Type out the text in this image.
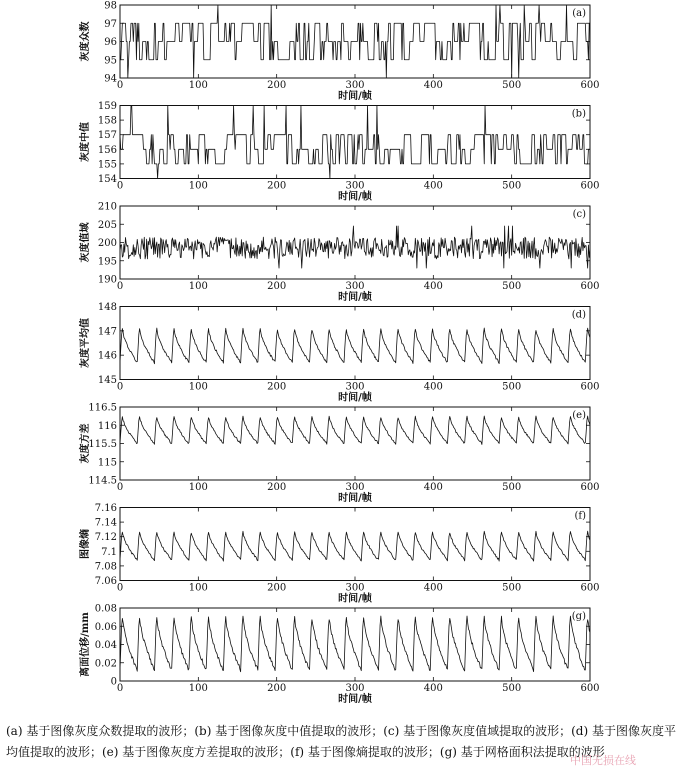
0	100	200	300	400	500	600
94
95
96
97
98
时间/帧
灰度众数
(a)
0	100	200	300	400	500	600
154
155
156
157
158
159
时间/帧
灰度中值
(b)
0	100	200	300	400	500	600
190
195
200
205
210
时间/帧
灰度值域
(c)
0	100	200	300	400	500	600
145
146
147
148
时间/帧
灰度平均值
(d)
0	100	200	300	400	500	600
114.5
115
115.5
116
116.5
时间/帧
灰度方差
(e)
0	100	200	300	400	500	600
7.06
7.08
7.1
7.12
7.14
7.16
时间/帧
图像熵
(f)
0	100	200	300	400	500	600
0
0.02
0.04
0.06
0.08
时间/帧
离面位移/mm	(g)
(a) 基于图像灰度众数提取的波形；(b) 基于图像灰度中值提取的波形；(c) 基于图像灰度值域提取的波形；(d) 基于图像灰度平均值提取的波形；(e) 基于图像灰度方差提取的波形；(f) 基于图像熵提取的波形；(g) 基于网格面积法提取的波形
中国无损在线
